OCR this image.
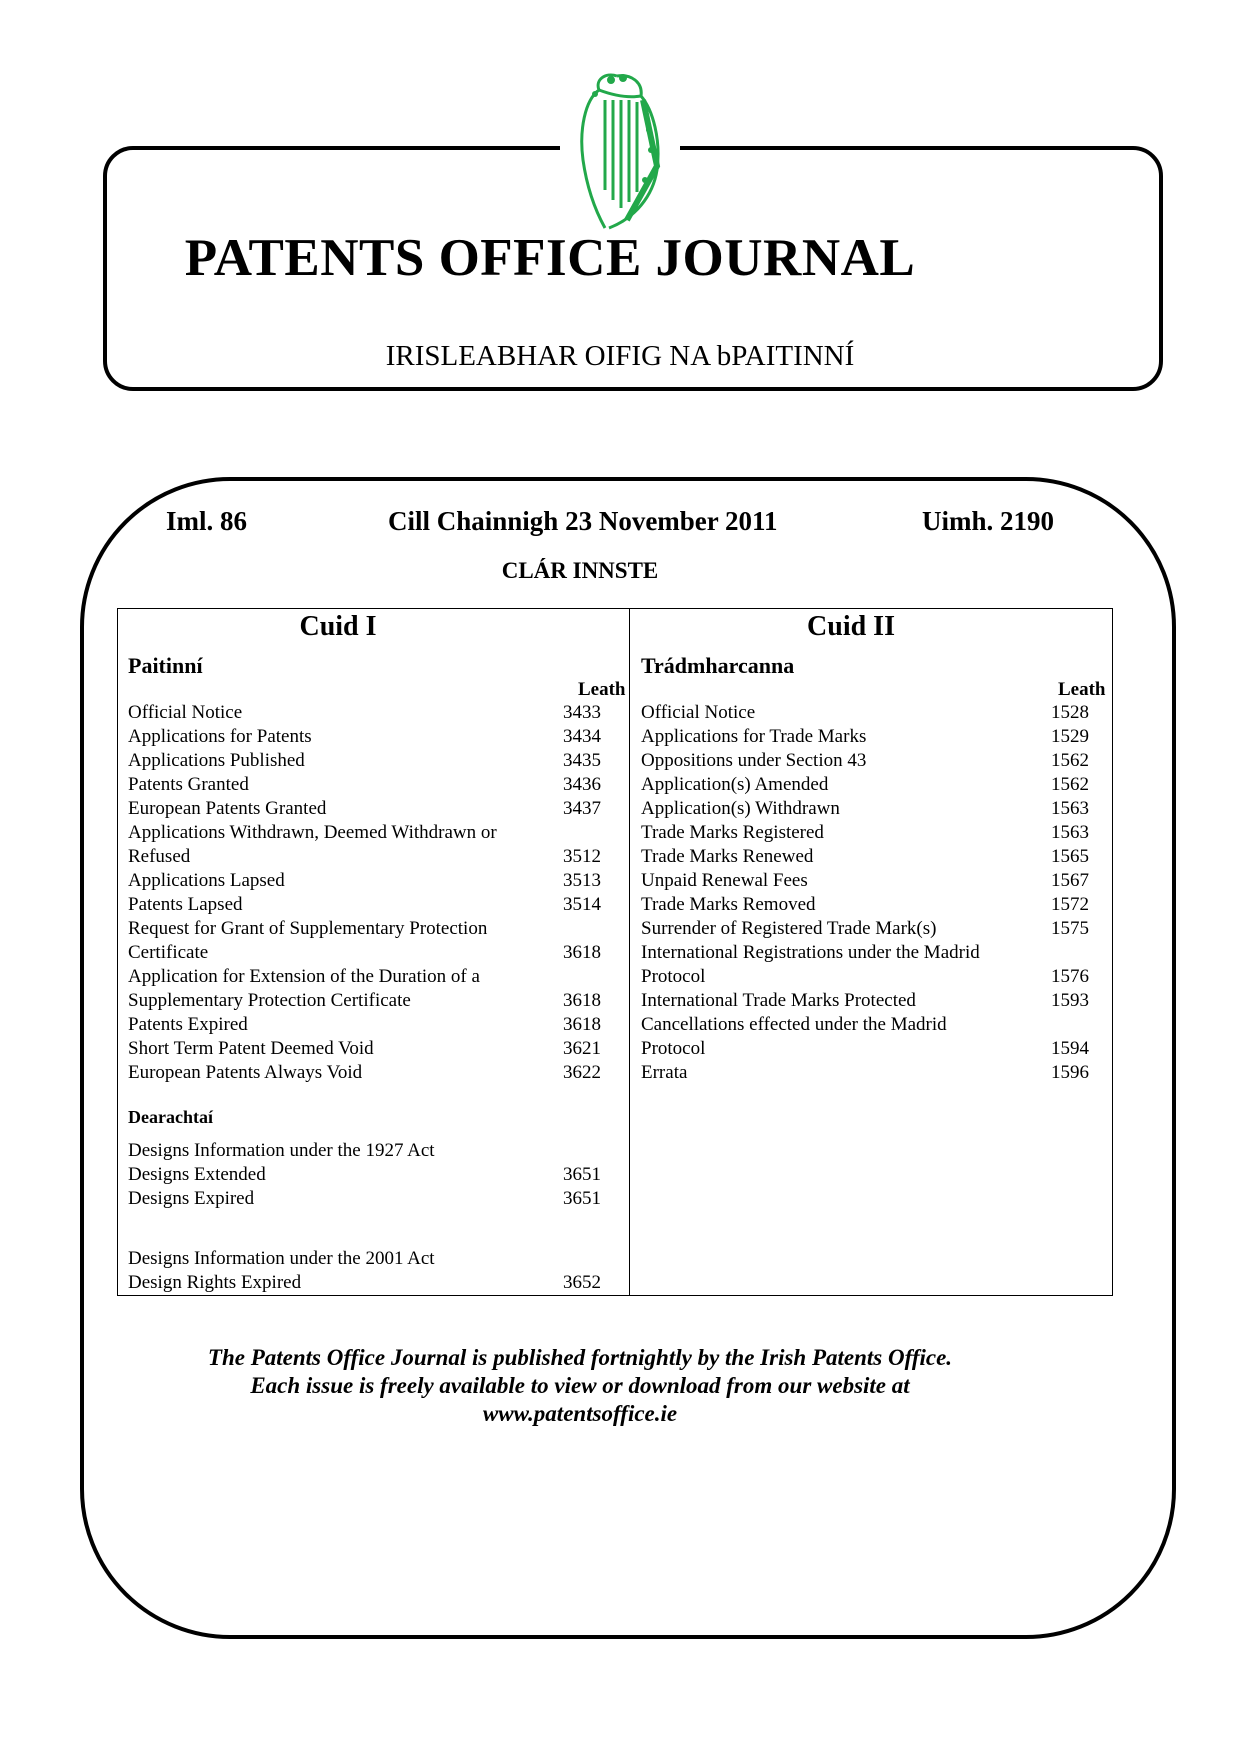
PATENTS OFFICE JOURNAL
IRISLEABHAR OIFIG NA bPAITINNÍ
Iml. 86	Cill Chainnigh 23 November 2011	Uimh. 2190
CLÁR INNSTE
Cuid I
Paitinní
Leath
Official Notice	3433
Applications for Patents	3434
Applications Published	3435
Patents Granted	3436
European Patents Granted	3437
Applications Withdrawn, Deemed Withdrawn or
Refused	3512
Applications Lapsed	3513
Patents Lapsed	3514
Request for Grant of Supplementary Protection
Certificate	3618
Application for Extension of the Duration of a
Supplementary Protection Certificate	3618
Patents Expired	3618
Short Term Patent Deemed Void	3621
European Patents Always Void	3622
Dearachtaí
Designs Information under the 1927 Act
Designs Extended	3651
Designs Expired	3651
Designs Information under the 2001 Act
Design Rights Expired	3652
Cuid II
Trádmharcanna
Leath
Official Notice	1528
Applications for Trade Marks	1529
Oppositions under Section 43	1562
Application(s) Amended	1562
Application(s) Withdrawn	1563
Trade Marks Registered	1563
Trade Marks Renewed	1565
Unpaid Renewal Fees	1567
Trade Marks Removed	1572
Surrender of Registered Trade Mark(s)	1575
International Registrations under the Madrid
Protocol	1576
International Trade Marks Protected	1593
Cancellations effected under the Madrid
Protocol	1594
Errata	1596
The Patents Office Journal is published fortnightly by the Irish Patents Office.
Each issue is freely available to view or download from our website at
www.patentsoffice.ie
